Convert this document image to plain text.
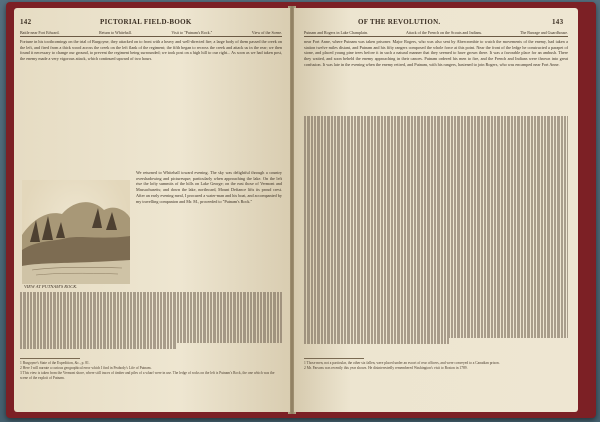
142	PICTORIAL FIELD-BOOK
Battle near Fort Edward.	Return to Whitehall.	Visit to "Putnam's Rock."	View of the Scene.

Fortune in his toothcomings on the trial of Burgoyne, they attacked on to front with a heavy and well-directed fire; a large body of them passed the creek on the left, and fired from a thick wood across the creek on the left flank of the regiment; the fifth began to recross the creek and attack us in the rear; we then found it necessary to change our ground, to prevent the regiment being surrounded; we took post on a high hill to our right... As soon as we had taken post, the enemy made a very vigorous attack, which continued upward of two hours.

We returned to Whitehall toward evening. The sky was delightful through a country overshadowing and picturesque; particularly when approaching the lake. On the left rise the lofty summits of the hills on Lake George; on the east those of Vermont and Massachusetts; and down the lake, northward, Mount Defiance lifts its proud crest. After an early evening meal, I procured a water-man and his boat, and accompanied by my travelling companion and Mr. M., proceeded to "Putnam's Rock."

VIEW AT PUTNAM'S ROCK.
1 Burgoyne's State of the Expedition, &c., p. 81.
2 Here I will narrate a curious geographical error which I find in Peabody's Life of Putnam.
3 This view is taken from the Vermont shore, where still traces of timber and piles of a wharf were in use. The ledge of rocks on the left is Putnam's Rock, the one which was the scene of the exploit of Putnam.
OF THE REVOLUTION.	143
Putnam and Rogers in Lake Champlain.	Attack of the French on the Scouts and Indians.	The Barrage and Guardhouse.

near Fort Anne, where Putnam was taken prisoner. Major Rogers, who was also sent by Abercrombie to watch the movements of the enemy, had taken a station twelve miles distant, and Putnam and his fifty rangers composed the whole force at this point. Near the front of the ledge he constructed a parapet of stone, and placed young pine trees before it in such a natural manner that they seemed to have grown there. It was a favorable place for an ambush. There they waited, and soon beheld the enemy approaching in their canoes. Putnam ordered his men to fire, and the French and Indians were thrown into great confusion. It was late in the evening when the enemy retired, and Putnam, with his rangers, hastened to join Rogers, who was encamped near Fort Anne.

1 Those men, not a particular, the other six fallen, were placed under an escort of rear officers, and were conveyed to a Canadian prison.
2 Mr. Parsons was recently this year shown. He disinterestedly remembered Washington's visit to Boston in 1789.
